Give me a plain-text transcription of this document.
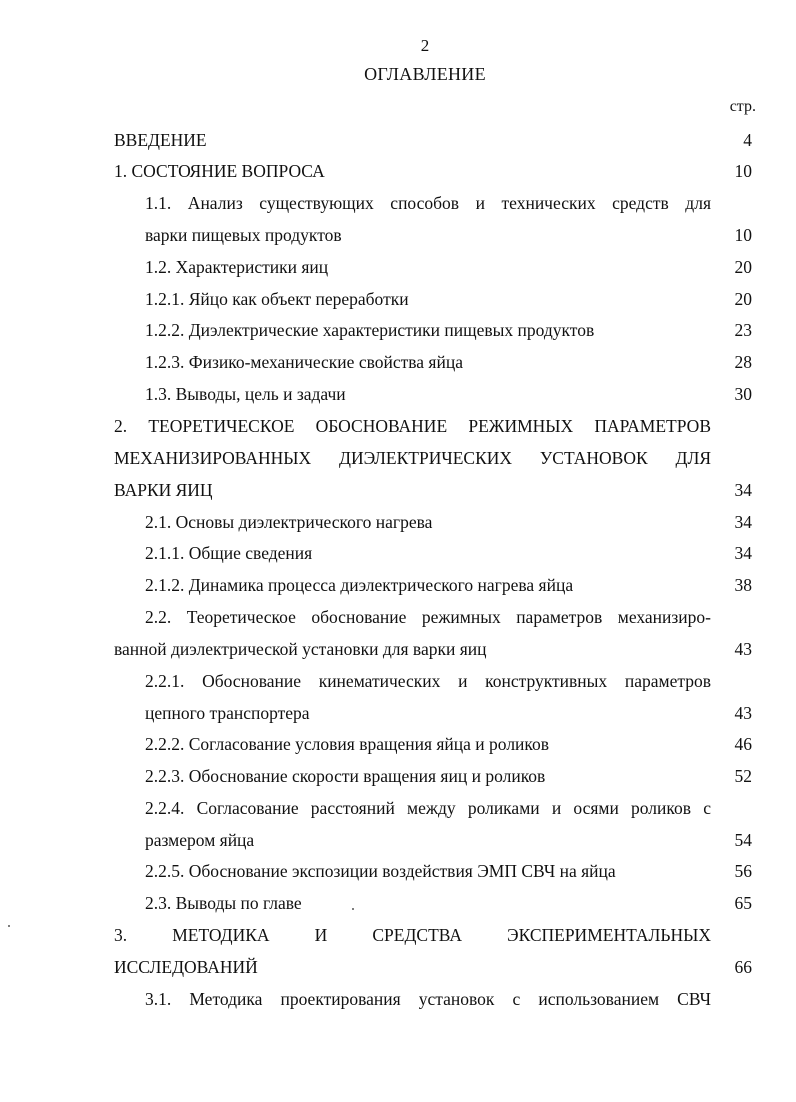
2
ОГЛАВЛЕНИЕ
стр.
ВВЕДЕНИЕ	4
1. СОСТОЯНИЕ ВОПРОСА	10
1.1. Анализ существующих способов и технических средств для
варки пищевых продуктов	10
1.2. Характеристики яиц	20
1.2.1. Яйцо как объект переработки	20
1.2.2. Диэлектрические характеристики пищевых продуктов	23
1.2.3. Физико-механические свойства яйца	28
1.3. Выводы, цель и задачи	30
2. ТЕОРЕТИЧЕСКОЕ ОБОСНОВАНИЕ РЕЖИМНЫХ ПАРАМЕТРОВ
МЕХАНИЗИРОВАННЫХ ДИЭЛЕКТРИЧЕСКИХ УСТАНОВОК ДЛЯ
ВАРКИ ЯИЦ	34
2.1. Основы диэлектрического нагрева	34
2.1.1. Общие сведения	34
2.1.2. Динамика процесса диэлектрического нагрева яйца	38
2.2. Теоретическое обоснование режимных параметров механизиро-
ванной диэлектрической установки для варки яиц	43
2.2.1. Обоснование кинематических и конструктивных параметров
цепного транспортера	43
2.2.2. Согласование условия вращения яйца и роликов	46
2.2.3. Обоснование скорости вращения яиц и роликов	52
2.2.4. Согласование расстояний между роликами и осями роликов с
размером яйца	54
2.2.5. Обоснование экспозиции воздействия ЭМП СВЧ на яйца	56
2.3. Выводы по главе	65
3. МЕТОДИКА И СРЕДСТВА ЭКСПЕРИМЕНТАЛЬНЫХ
ИССЛЕДОВАНИЙ	66
3.1. Методика проектирования установок с использованием СВЧ
